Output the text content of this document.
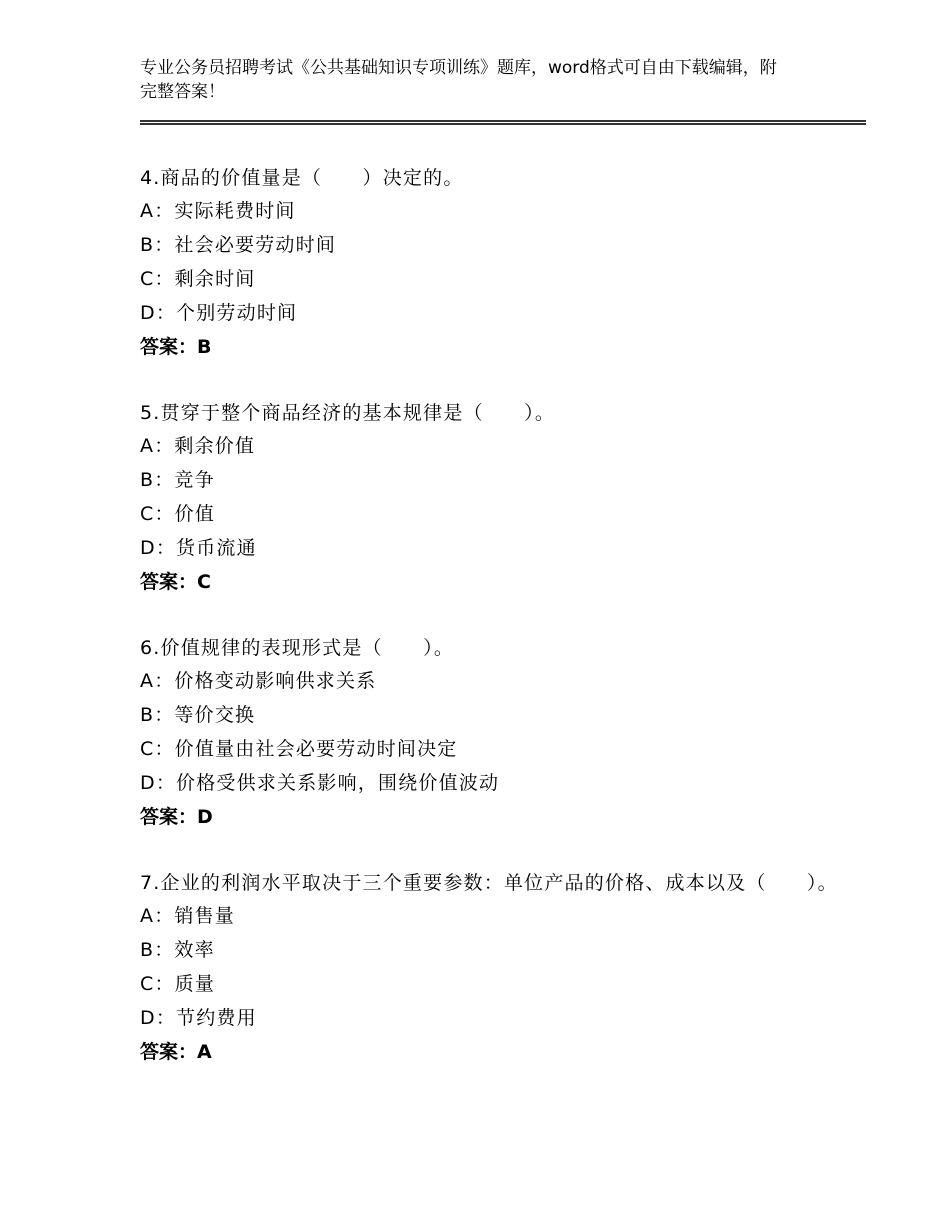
专业公务员招聘考试《公共基础知识专项训练》题库，word格式可自由下载编辑，附完整答案！
4.商品的价值量是（　　）决定的。
A：实际耗费时间
B：社会必要劳动时间
C：剩余时间
D：个别劳动时间
答案：B
5.贯穿于整个商品经济的基本规律是（　　）。
A：剩余价值
B：竞争
C：价值
D：货币流通
答案：C
6.价值规律的表现形式是（　　）。
A：价格变动影响供求关系
B：等价交换
C：价值量由社会必要劳动时间决定
D：价格受供求关系影响，围绕价值波动
答案：D
7.企业的利润水平取决于三个重要参数：单位产品的价格、成本以及（　　）。
A：销售量
B：效率
C：质量
D：节约费用
答案：A
